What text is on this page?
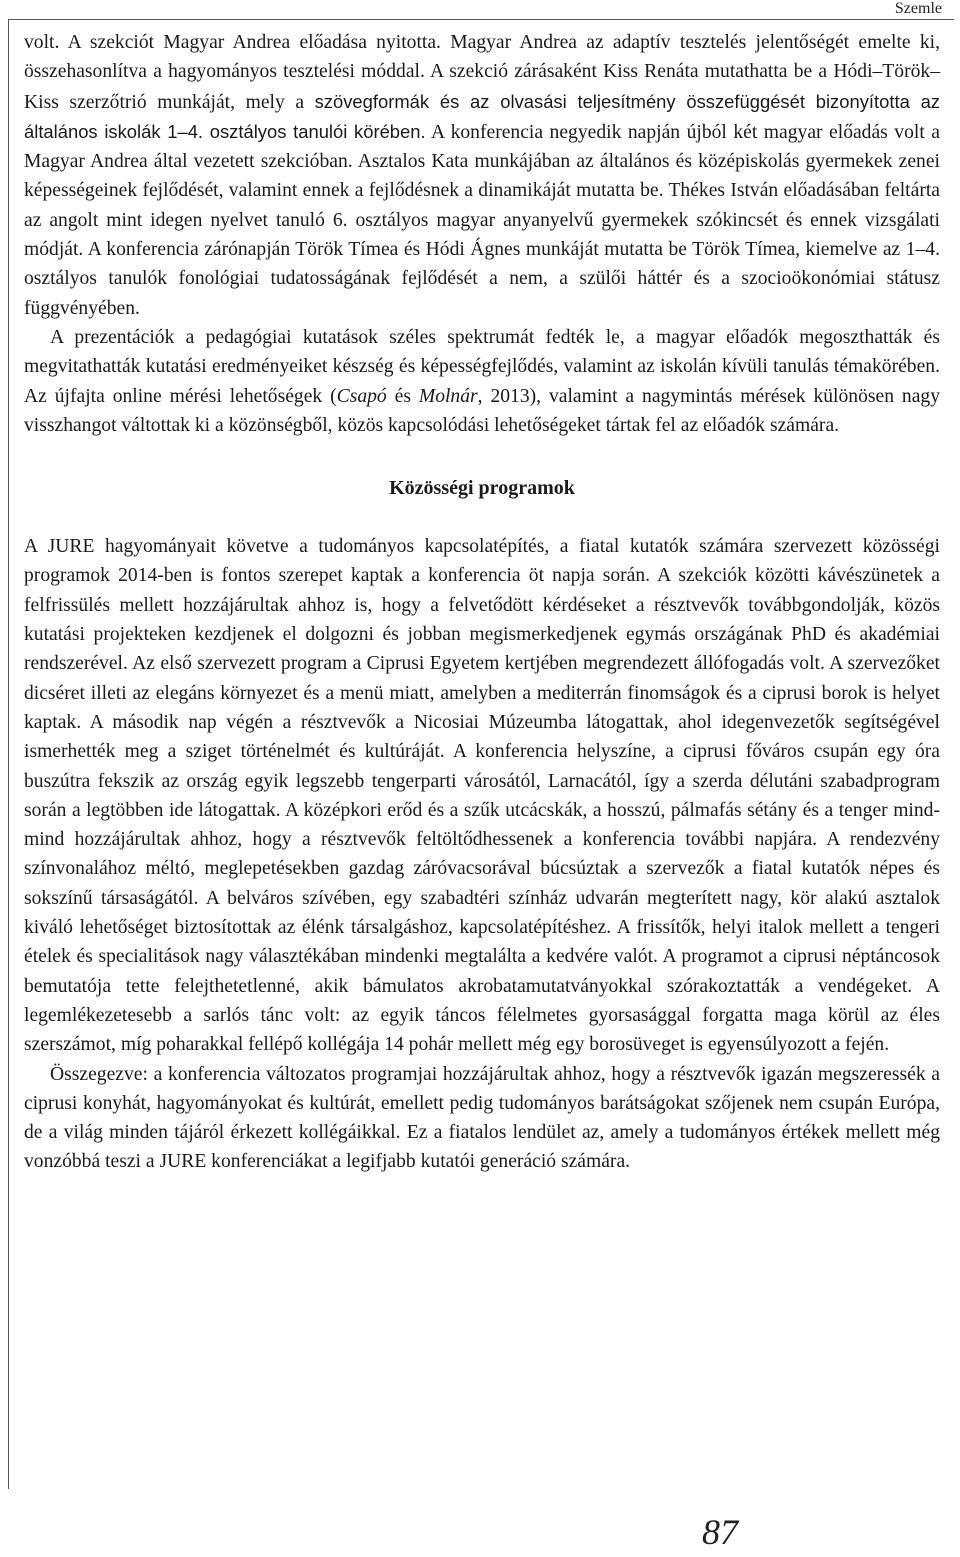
Szemle

volt. A szekciót Magyar Andrea előadása nyitotta. Magyar Andrea az adaptív tesztelés jelentőségét emelte ki, összehasonlítva a hagyományos tesztelési móddal. A szekció zárásaként Kiss Renáta mutathatta be a Hódi–Török–Kiss szerzőtrió munkáját, mely a szövegformák és az olvasási teljesítmény összefüggését bizonyította az általános iskolák 1–4. osztályos tanulói körében. A konferencia negyedik napján újból két magyar előadás volt a Magyar Andrea által vezetett szekcióban. Asztalos Kata munkájában az általános és középiskolás gyermekek zenei képességeinek fejlődését, valamint ennek a fejlődésnek a dinamikáját mutatta be. Thékes István előadásában feltárta az angolt mint idegen nyelvet tanuló 6. osztályos magyar anyanyelvű gyermekek szókincsét és ennek vizsgálati módját. A konferencia zárónapján Török Tímea és Hódi Ágnes munkáját mutatta be Török Tímea, kiemelve az 1–4. osztályos tanulók fonológiai tudatosságának fejlődését a nem, a szülői háttér és a szocioökonómiai státusz függvényében.

A prezentációk a pedagógiai kutatások széles spektrumát fedték le, a magyar előadók megoszthatták és megvitathatták kutatási eredményeiket készség és képességfejlődés, valamint az iskolán kívüli tanulás témakörében. Az újfajta online mérési lehetőségek (Csapó és Molnár, 2013), valamint a nagymintás mérések különösen nagy visszhangot váltottak ki a közönségből, közös kapcsolódási lehetőségeket tártak fel az előadók számára.

Közösségi programok

A JURE hagyományait követve a tudományos kapcsolatépítés, a fiatal kutatók számára szervezett közösségi programok 2014-ben is fontos szerepet kaptak a konferencia öt napja során. A szekciók közötti kávészünetek a felfrissülés mellett hozzájárultak ahhoz is, hogy a felvetődött kérdéseket a résztvevők továbbgondolják, közös kutatási projekteken kezdjenek el dolgozni és jobban megismerkedjenek egymás országának PhD és akadémiai rendszerével. Az első szervezett program a Ciprusi Egyetem kertjében megrendezett állófogadás volt. A szervezőket dicséret illeti az elegáns környezet és a menü miatt, amelyben a mediterrán finomságok és a ciprusi borok is helyet kaptak. A második nap végén a résztvevők a Nicosiai Múzeumba látogattak, ahol idegenvezetők segítségével ismerhették meg a sziget történelmét és kultúráját. A konferencia helyszíne, a ciprusi főváros csupán egy óra buszútra fekszik az ország egyik legszebb tengerparti városától, Larnacától, így a szerda délutáni szabadprogram során a legtöbben ide látogattak. A középkori erőd és a szűk utcácskák, a hosszú, pálmafás sétány és a tenger mind-mind hozzájárultak ahhoz, hogy a résztvevők feltöltődhessenek a konferencia további napjára. A rendezvény színvonalához méltó, meglepetésekben gazdag záróvacsorával búcsúztak a szervezők a fiatal kutatók népes és sokszínű társaságától. A belváros szívében, egy szabadtéri színház udvarán megterített nagy, kör alakú asztalok kiváló lehetőséget biztosítottak az élénk társalgáshoz, kapcsolatépítéshez. A frissítők, helyi italok mellett a tengeri ételek és specialitások nagy választékában mindenki megtalálta a kedvére valót. A programot a ciprusi néptáncosok bemutatója tette felejthetetlenné, akik bámulatos akrobatamutatványokkal szórakoztatták a vendégeket. A legemlékezetesebb a sarlós tánc volt: az egyik táncos félelmetes gyorsasággal forgatta maga körül az éles szerszámot, míg poharakkal fellépő kollégája 14 pohár mellett még egy borosüveget is egyensúlyozott a fején.

Összegezve: a konferencia változatos programjai hozzájárultak ahhoz, hogy a résztvevők igazán megszeressék a ciprusi konyhát, hagyományokat és kultúrát, emellett pedig tudományos barátságokat szőjenek nem csupán Európa, de a világ minden tájáról érkezett kollégáikkal. Ez a fiatalos lendület az, amely a tudományos értékek mellett még vonzóbbá teszi a JURE konferenciákat a legifjabb kutatói generáció számára.

87
